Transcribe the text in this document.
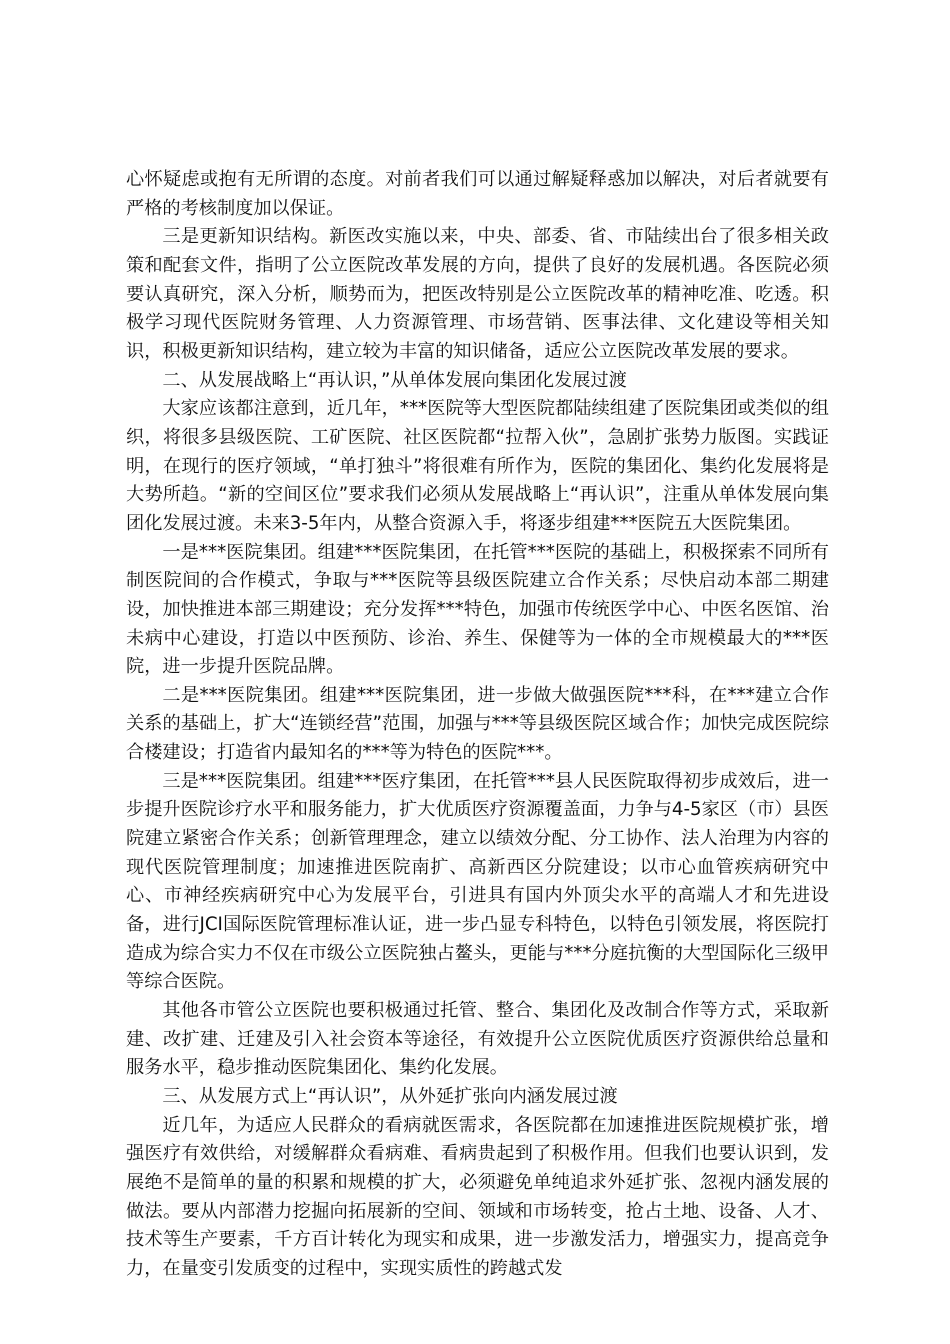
心怀疑虑或抱有无所谓的态度。对前者我们可以通过解疑释惑加以解决，对后者就要有严格的考核制度加以保证。

三是更新知识结构。新医改实施以来，中央、部委、省、市陆续出台了很多相关政策和配套文件，指明了公立医院改革发展的方向，提供了良好的发展机遇。各医院必须要认真研究，深入分析，顺势而为，把医改特别是公立医院改革的精神吃准、吃透。积极学习现代医院财务管理、人力资源管理、市场营销、医事法律、文化建设等相关知识，积极更新知识结构，建立较为丰富的知识储备，适应公立医院改革发展的要求。

二、从发展战略上“再认识，”从单体发展向集团化发展过渡

大家应该都注意到，近几年，***医院等大型医院都陆续组建了医院集团或类似的组织，将很多县级医院、工矿医院、社区医院都“拉帮入伙”，急剧扩张势力版图。实践证明，在现行的医疗领域，“单打独斗”将很难有所作为，医院的集团化、集约化发展将是大势所趋。“新的空间区位”要求我们必须从发展战略上“再认识”，注重从单体发展向集团化发展过渡。未来3-5年内，从整合资源入手，将逐步组建***医院五大医院集团。

一是***医院集团。组建***医院集团，在托管***医院的基础上，积极探索不同所有制医院间的合作模式，争取与***医院等县级医院建立合作关系；尽快启动本部二期建设，加快推进本部三期建设；充分发挥***特色，加强市传统医学中心、中医名医馆、治未病中心建设，打造以中医预防、诊治、养生、保健等为一体的全市规模最大的***医院，进一步提升医院品牌。

二是***医院集团。组建***医院集团，进一步做大做强医院***科，在***建立合作关系的基础上，扩大“连锁经营”范围，加强与***等县级医院区域合作；加快完成医院综合楼建设；打造省内最知名的***等为特色的医院***。

三是***医院集团。组建***医疗集团，在托管***县人民医院取得初步成效后，进一步提升医院诊疗水平和服务能力，扩大优质医疗资源覆盖面，力争与4-5家区（市）县医院建立紧密合作关系；创新管理理念，建立以绩效分配、分工协作、法人治理为内容的现代医院管理制度；加速推进医院南扩、高新西区分院建设；以市心血管疾病研究中心、市神经疾病研究中心为发展平台，引进具有国内外顶尖水平的高端人才和先进设备，进行JCI国际医院管理标准认证，进一步凸显专科特色，以特色引领发展，将医院打造成为综合实力不仅在市级公立医院独占鳌头，更能与***分庭抗衡的大型国际化三级甲等综合医院。

其他各市管公立医院也要积极通过托管、整合、集团化及改制合作等方式，采取新建、改扩建、迁建及引入社会资本等途径，有效提升公立医院优质医疗资源供给总量和服务水平，稳步推动医院集团化、集约化发展。

三、从发展方式上“再认识”，从外延扩张向内涵发展过渡

近几年，为适应人民群众的看病就医需求，各医院都在加速推进医院规模扩张，增强医疗有效供给，对缓解群众看病难、看病贵起到了积极作用。但我们也要认识到，发展绝不是简单的量的积累和规模的扩大，必须避免单纯追求外延扩张、忽视内涵发展的做法。要从内部潜力挖掘向拓展新的空间、领域和市场转变，抢占土地、设备、人才、技术等生产要素，千方百计转化为现实和成果，进一步激发活力，增强实力，提高竞争力，在量变引发质变的过程中，实现实质性的跨越式发
